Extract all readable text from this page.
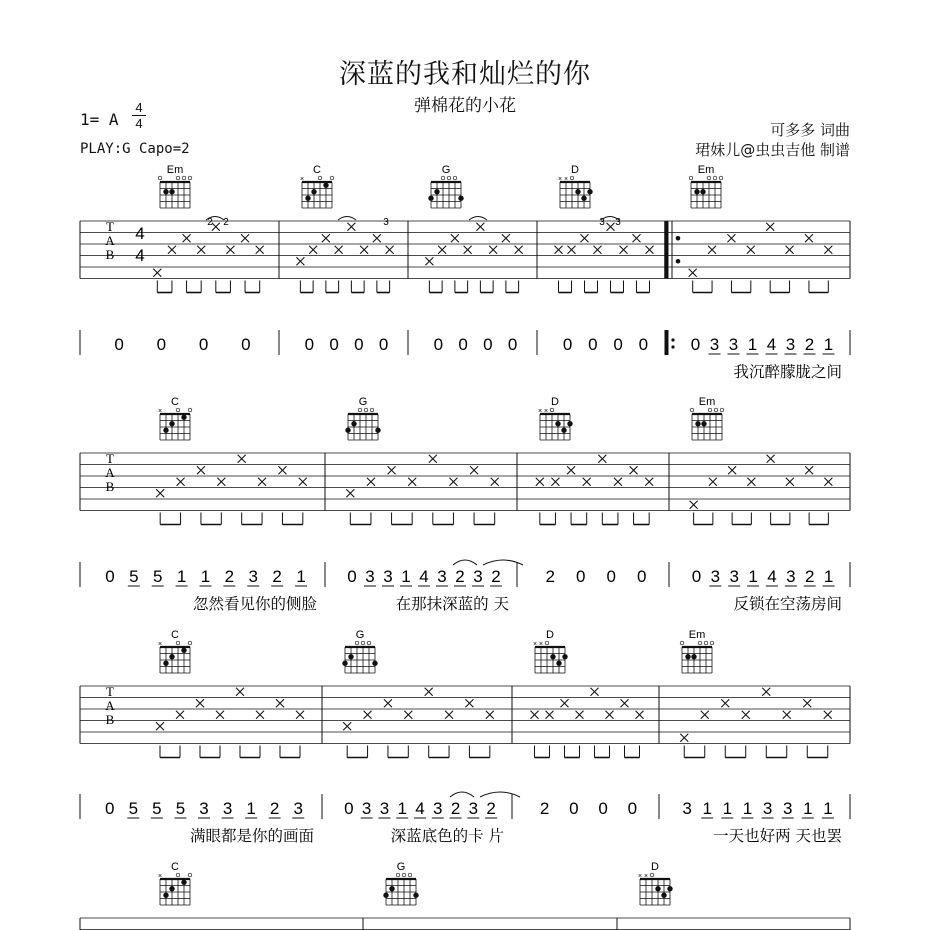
深蓝的我和灿烂的你
弹棉花的小花
1= A
4
4
PLAY:G Capo=2
可多多 词曲
珺妹儿@虫虫吉他 制谱
T
A
B
4
4
0 0 0 0	0 0 0 0	0 0 0 0	0 0 0 0	0 3 3 1 4 3 2 1
我沉醉朦胧之间
2 2	3	3 3
Em	C
×
G	D
× ×
Em
T
A
B
0 5 5 1 1 2 3 2 1
忽然看见你的侧脸
0 3 3 1 4 3 2 3 2
在那抹深蓝的 天
2 0 0 0	0 3 3 1 4 3 2 1
反锁在空荡房间
C
×
G	D
× ×
Em
T
A
B
0 5 5 5 3 3 1 2 3
满眼都是你的画面
0 3 3 1 4 3 2 3 2
深蓝底色的卡 片
2 0 0 0	3 1 1 1 3 3 1 1
一天也好两 天也罢
C
×
G	D
× ×
Em
C
×
G	D
× ×
